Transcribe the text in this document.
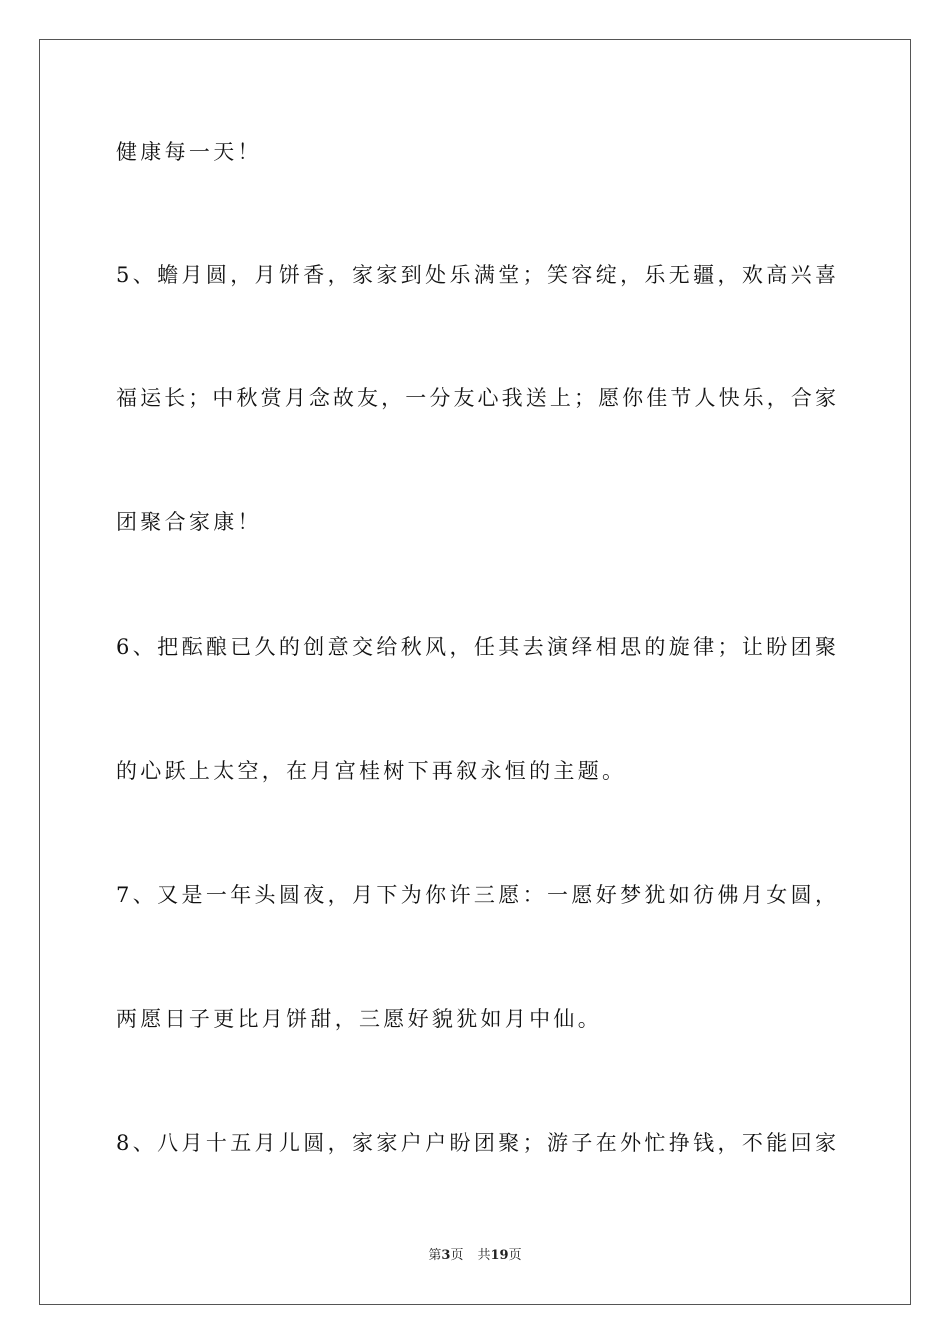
健康每一天！
5、蟾月圆，月饼香，家家到处乐满堂；笑容绽，乐无疆，欢高兴喜
福运长；中秋赏月念故友，一分友心我送上；愿你佳节人快乐，合家
团聚合家康！
6、把酝酿已久的创意交给秋风，任其去演绎相思的旋律；让盼团聚
的心跃上太空，在月宫桂树下再叙永恒的主题。
7、又是一年头圆夜，月下为你许三愿：一愿好梦犹如彷佛月女圆，
两愿日子更比月饼甜，三愿好貌犹如月中仙。
8、八月十五月儿圆，家家户户盼团聚；游子在外忙挣钱，不能回家
第3页 共19页
